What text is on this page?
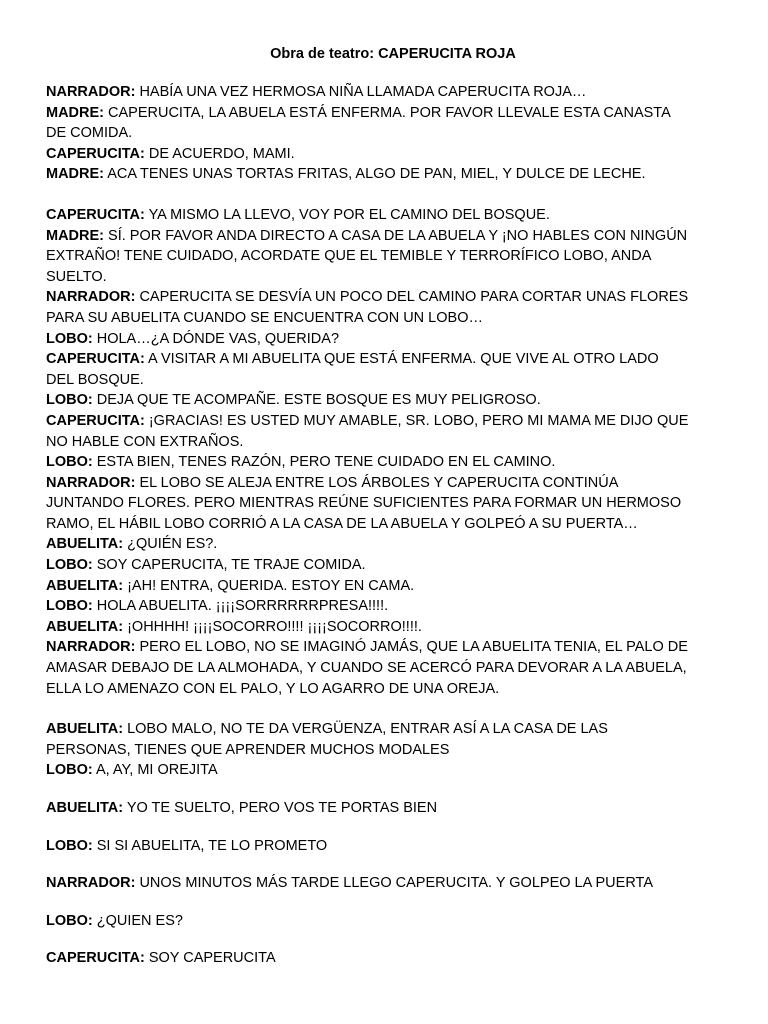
Obra de teatro: CAPERUCITA ROJA
NARRADOR: HABÍA UNA VEZ HERMOSA NIÑA LLAMADA CAPERUCITA ROJA…
MADRE: CAPERUCITA, LA ABUELA ESTÁ ENFERMA. POR FAVOR LLEVALE ESTA CANASTA
DE COMIDA.
CAPERUCITA: DE ACUERDO, MAMI.
MADRE: ACA TENES UNAS TORTAS FRITAS, ALGO DE PAN, MIEL, Y DULCE DE LECHE.
CAPERUCITA: YA MISMO LA LLEVO, VOY POR EL CAMINO DEL BOSQUE.
MADRE: SÍ. POR FAVOR ANDA DIRECTO A CASA DE LA ABUELA Y ¡NO HABLES CON NINGÚN
EXTRAÑO! TENE CUIDADO, ACORDATE QUE EL TEMIBLE Y TERRORÍFICO LOBO, ANDA
SUELTO.
NARRADOR: CAPERUCITA SE DESVÍA UN POCO DEL CAMINO PARA CORTAR UNAS FLORES
PARA SU ABUELITA CUANDO SE ENCUENTRA CON UN LOBO…
LOBO: HOLA…¿A DÓNDE VAS, QUERIDA?
CAPERUCITA: A VISITAR A MI ABUELITA QUE ESTÁ ENFERMA. QUE VIVE AL OTRO LADO
DEL BOSQUE.
LOBO: DEJA QUE TE ACOMPAÑE. ESTE BOSQUE ES MUY PELIGROSO.
CAPERUCITA: ¡GRACIAS! ES USTED MUY AMABLE, SR. LOBO, PERO MI MAMA ME DIJO QUE
NO HABLE CON EXTRAÑOS.
LOBO: ESTA BIEN, TENES RAZÓN, PERO TENE CUIDADO EN EL CAMINO.
NARRADOR: EL LOBO SE ALEJA ENTRE LOS ÁRBOLES Y CAPERUCITA CONTINÚA
JUNTANDO FLORES. PERO MIENTRAS REÚNE SUFICIENTES PARA FORMAR UN HERMOSO
RAMO, EL HÁBIL LOBO CORRIÓ A LA CASA DE LA ABUELA Y GOLPEÓ A SU PUERTA…
ABUELITA: ¿QUIÉN ES?.
LOBO: SOY CAPERUCITA, TE TRAJE COMIDA.
ABUELITA: ¡AH! ENTRA, QUERIDA. ESTOY EN CAMA.
LOBO: HOLA ABUELITA. ¡¡¡¡SORRRRRRPRESA!!!!.
ABUELITA: ¡OHHHH! ¡¡¡¡SOCORRO!!!! ¡¡¡¡SOCORRO!!!!.
NARRADOR: PERO EL LOBO, NO SE IMAGINÓ JAMÁS, QUE LA ABUELITA TENIA, EL PALO DE
AMASAR DEBAJO DE LA ALMOHADA, Y CUANDO SE ACERCÓ PARA DEVORAR A LA ABUELA,
ELLA LO AMENAZO CON EL PALO, Y LO AGARRO DE UNA OREJA.
ABUELITA: LOBO MALO, NO TE DA VERGÜENZA, ENTRAR ASÍ A LA CASA DE LAS
PERSONAS, TIENES QUE APRENDER MUCHOS MODALES
LOBO: A, AY, MI OREJITA
ABUELITA: YO TE SUELTO, PERO VOS TE PORTAS BIEN
LOBO: SI SI ABUELITA, TE LO PROMETO
NARRADOR: UNOS MINUTOS MÁS TARDE LLEGO CAPERUCITA. Y GOLPEO LA PUERTA
LOBO: ¿QUIEN ES?
CAPERUCITA: SOY CAPERUCITA
